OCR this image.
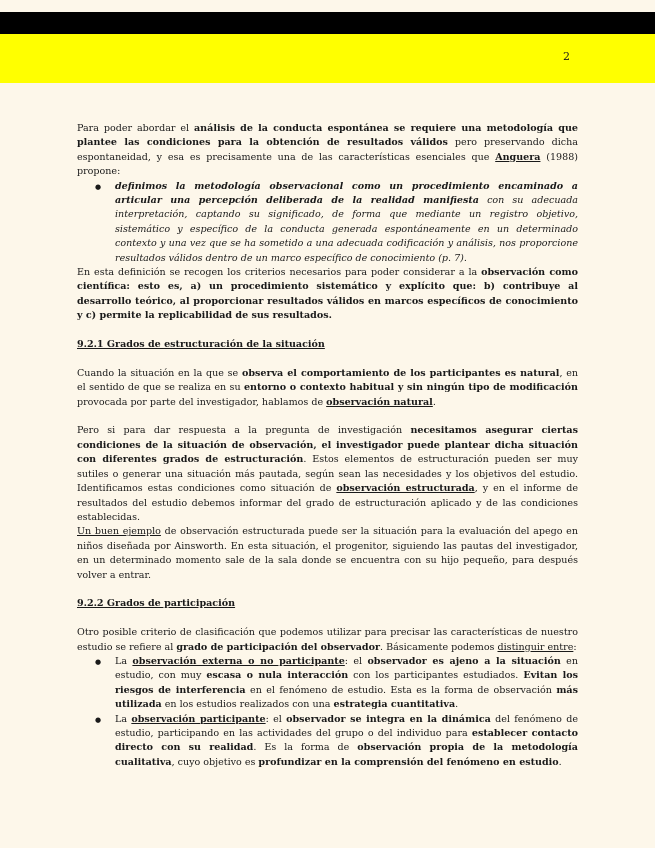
2

Para poder abordar el análisis de la conducta espontánea se requiere una metodología que plantee las condiciones para la obtención de resultados válidos pero preservando dicha espontaneidad, y esa es precisamente una de las características esenciales que Anguera (1988) propone:

● definimos la metodología observacional como un procedimiento encaminado a articular una percepción deliberada de la realidad manifiesta con su adecuada interpretación, captando su significado, de forma que mediante un registro objetivo, sistemático y específico de la conducta generada espontáneamente en un determinado contexto y una vez que se ha sometido a una adecuada codificación y análisis, nos proporcione resultados válidos dentro de un marco específico de conocimiento (p. 7).

En esta definición se recogen los criterios necesarios para poder considerar a la observación como científica: esto es, a) un procedimiento sistemático y explícito que: b) contribuye al desarrollo teórico, al proporcionar resultados válidos en marcos específicos de conocimiento y c) permite la replicabilidad de sus resultados.

9.2.1 Grados de estructuración de la situación

Cuando la situación en la que se observa el comportamiento de los participantes es natural, en el sentido de que se realiza en su entorno o contexto habitual y sin ningún tipo de modificación provocada por parte del investigador, hablamos de observación natural.

Pero si para dar respuesta a la pregunta de investigación necesitamos asegurar ciertas condiciones de la situación de observación, el investigador puede plantear dicha situación con diferentes grados de estructuración. Estos elementos de estructuración pueden ser muy sutiles o generar una situación más pautada, según sean las necesidades y los objetivos del estudio. Identificamos estas condiciones como situación de observación estructurada, y en el informe de resultados del estudio debemos informar del grado de estructuración aplicado y de las condiciones establecidas.

Un buen ejemplo de observación estructurada puede ser la situación para la evaluación del apego en niños diseñada por Ainsworth. En esta situación, el progenitor, siguiendo las pautas del investigador, en un determinado momento sale de la sala donde se encuentra con su hijo pequeño, para después volver a entrar.

9.2.2 Grados de participación

Otro posible criterio de clasificación que podemos utilizar para precisar las características de nuestro estudio se refiere al grado de participación del observador. Básicamente podemos distinguir entre:

● La observación externa o no participante: el observador es ajeno a la situación en estudio, con muy escasa o nula interacción con los participantes estudiados. Evitan los riesgos de interferencia en el fenómeno de estudio. Esta es la forma de observación más utilizada en los estudios realizados con una estrategia cuantitativa.
● La observación participante: el observador se integra en la dinámica del fenómeno de estudio, participando en las actividades del grupo o del individuo para establecer contacto directo con su realidad. Es la forma de observación propia de la metodología cualitativa, cuyo objetivo es profundizar en la comprensión del fenómeno en estudio.
